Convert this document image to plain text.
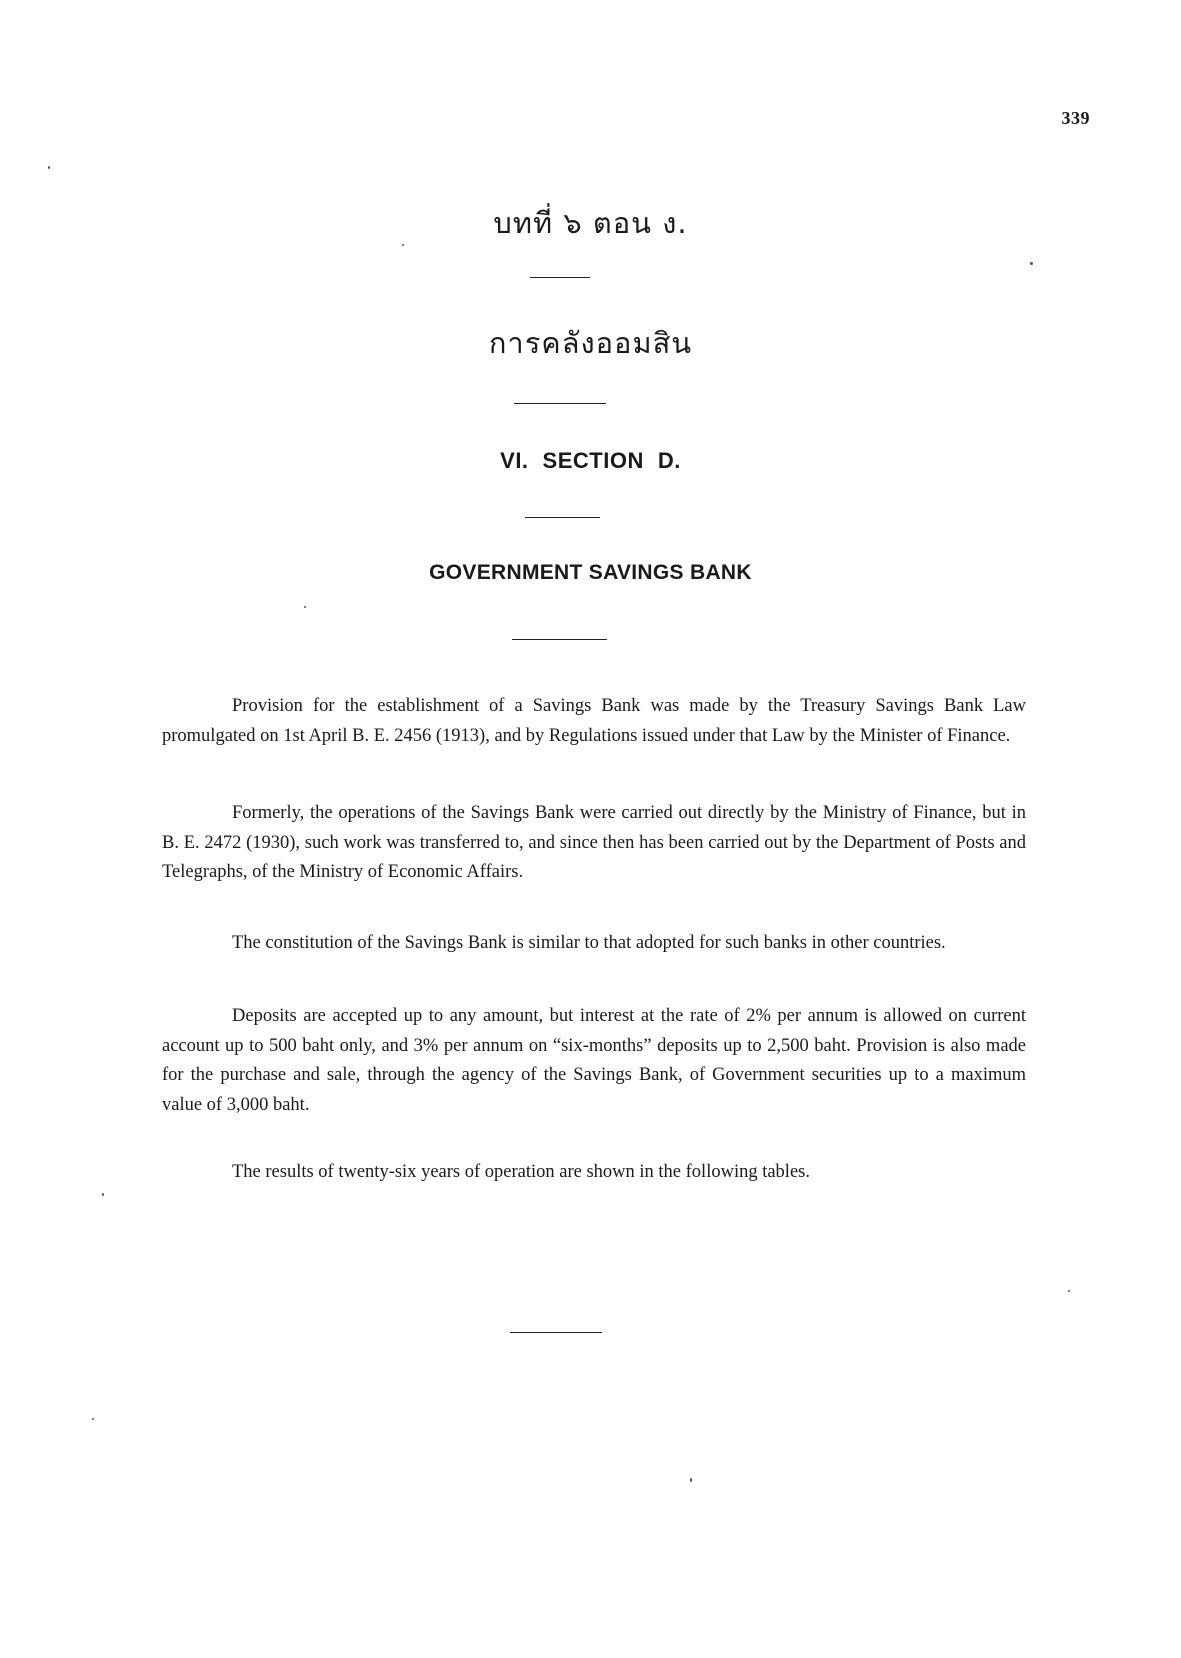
339
บทที่ ๖ ตอน ง.
การคลังออมสิน
VI. SECTION D.
GOVERNMENT SAVINGS BANK

Provision for the establishment of a Savings Bank was made by the Treasury Savings Bank Law promulgated on 1st April B. E. 2456 (1913), and by Regulations issued under that Law by the Minister of Finance.

Formerly, the operations of the Savings Bank were carried out directly by the Ministry of Finance, but in B. E. 2472 (1930), such work was transferred to, and since then has been carried out by the Department of Posts and Telegraphs, of the Ministry of Economic Affairs.

The constitution of the Savings Bank is similar to that adopted for such banks in other countries.

Deposits are accepted up to any amount, but interest at the rate of 2% per annum is allowed on current account up to 500 baht only, and 3% per annum on “six-months” deposits up to 2,500 baht. Provision is also made for the purchase and sale, through the agency of the Savings Bank, of Government securities up to a maximum value of 3,000 baht.

The results of twenty-six years of operation are shown in the following tables.
